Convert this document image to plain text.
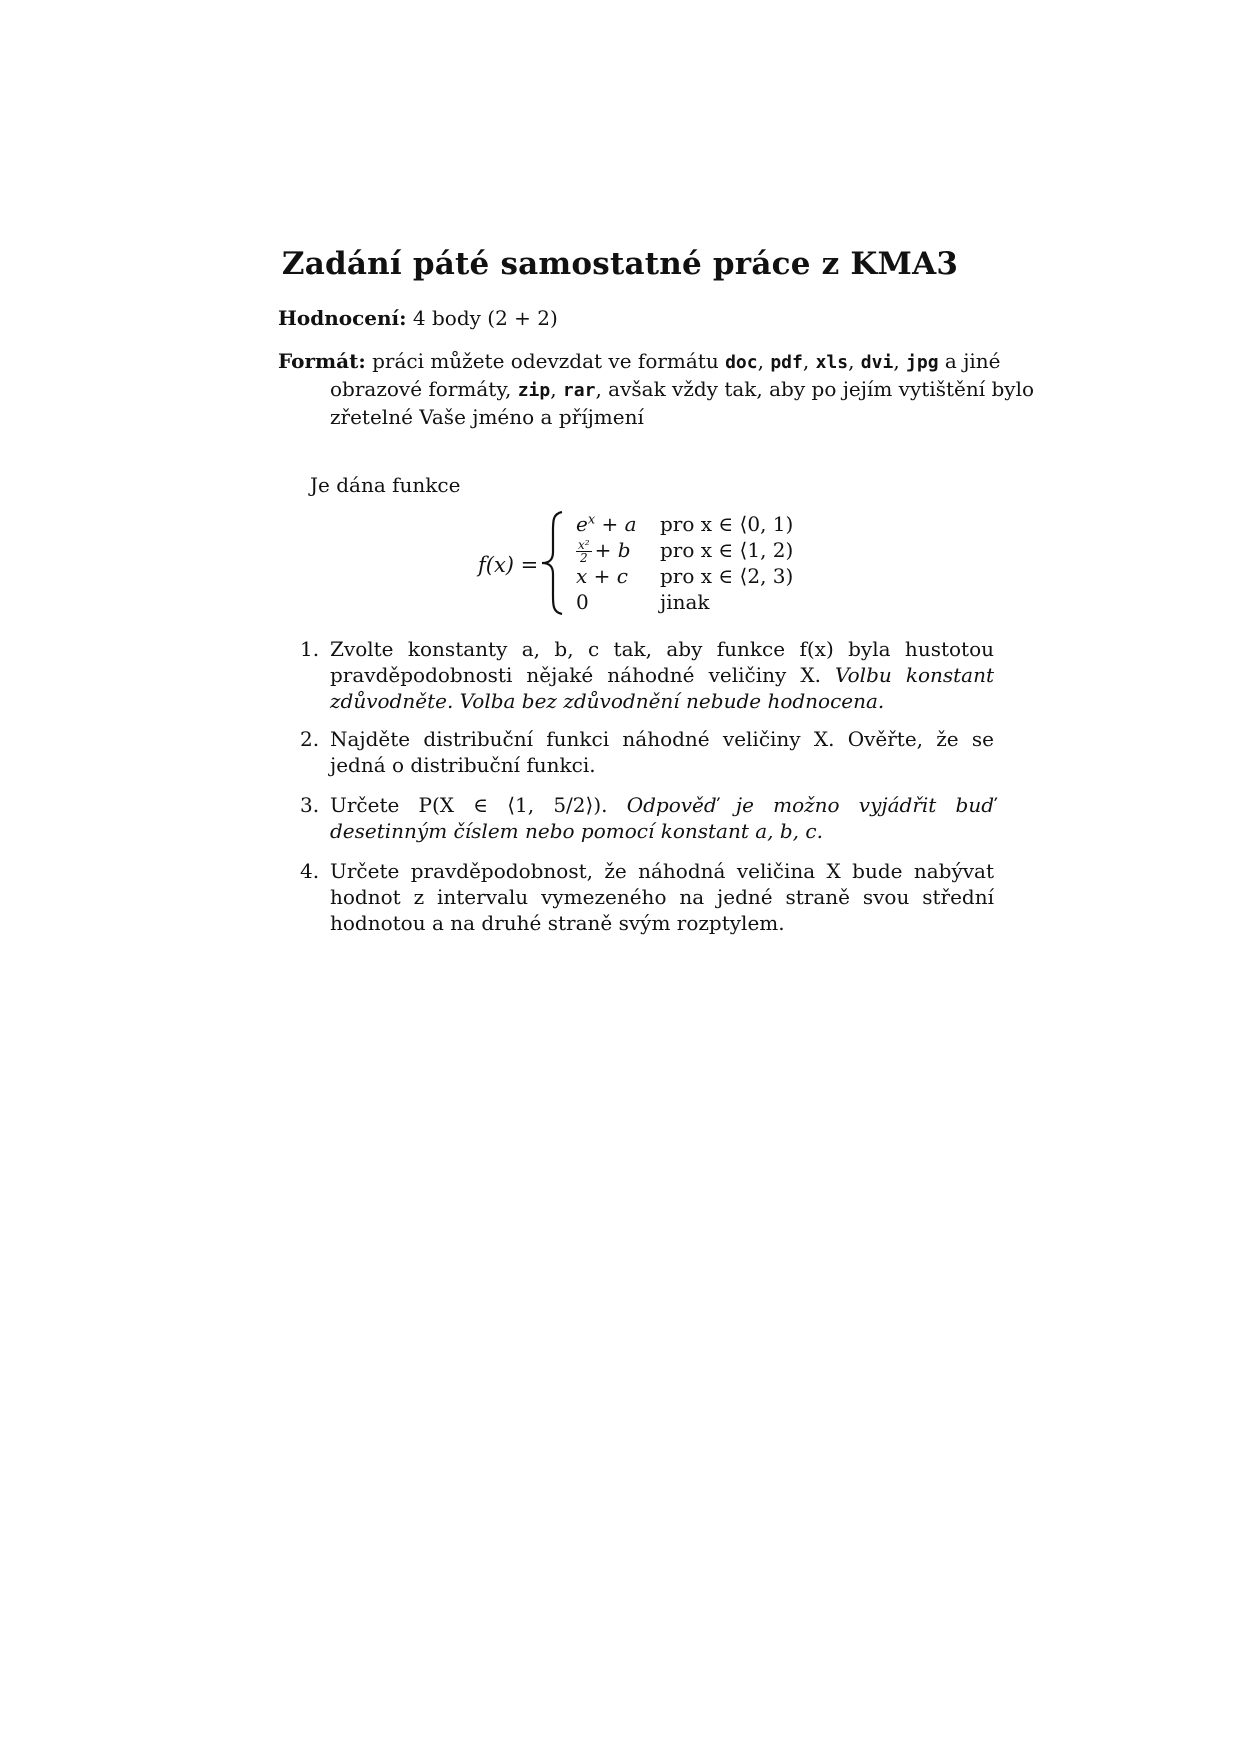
Zadání páté samostatné práce z KMA3
Hodnocení: 4 body (2 + 2)
Formát: práci můžete odevzdat ve formátu doc, pdf, xls, dvi, jpg a jiné
obrazové formáty, zip, rar, avšak vždy tak, aby po jejím vytištění bylo
zřetelné Vaše jméno a příjmení
Je dána funkce
f(x) =
$e^x + a$ pro x ∈ ⟨0, 1)
$\frac{\text{x²}}{2} + b$ pro x ∈ ⟨1, 2)
x + c pro x ∈ ⟨2, 3)
0	jinak
1. Zvolte konstanty a, b, c tak, aby funkce f(x) byla hustotou pravděpodobnosti nějaké náhodné veličiny X. Volbu konstant zdůvodněte. Volba bez zdůvodnění nebude hodnocena.
2. Najděte distribuční funkci náhodné veličiny X. Ověřte, že se jedná o distribuční funkci.
3. Určete P(X ∈ ⟨1, 5/2⟩). Odpověď je možno vyjádřit buď desetinným číslem nebo pomocí konstant a, b, c.
4. Určete pravděpodobnost, že náhodná veličina X bude nabývat hodnot z intervalu vymezeného na jedné straně svou střední hodnotou a na druhé straně svým rozptylem.
